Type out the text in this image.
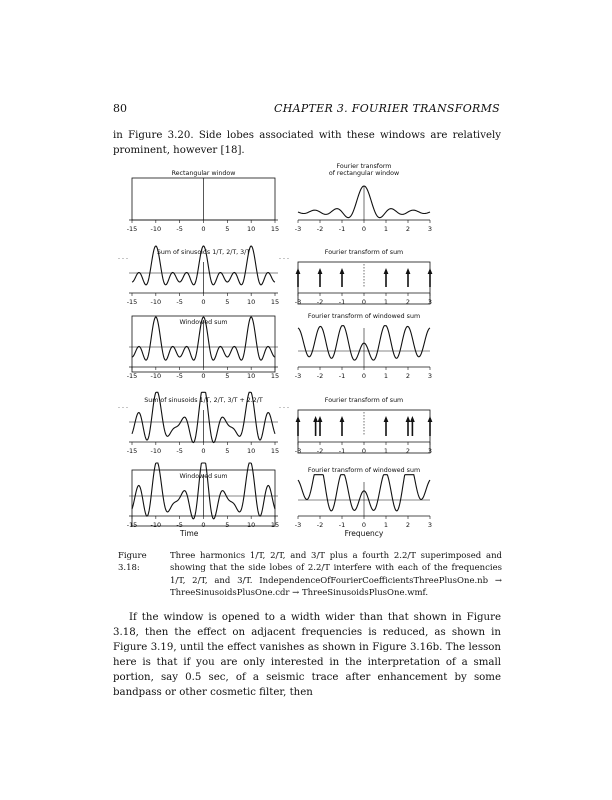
80	CHAPTER 3. FOURIER TRANSFORMS
in Figure 3.20. Side lobes associated with these windows are relatively prominent, however [18].
Rectangular window
-15 -10 -5	0	5	10 15
Fourier transform
of rectangular window
-3 -2 -1	0	1	2	3
Sum of sinusoids 1/T, 2/T, 3/T
. . .	. . .
-15 -10 -5	0	5	10 15
Fourier transform of sum
-3 -2 -1	0	1	2	3
Windowed sum
-15 -10 -5	0	5	10 15
Fourier transform of windowed sum
-3 -2 -1	0	1	2	3
Sum of sinusoids 1/T, 2/T, 3/T + 2.2/T
. . .	. . .
-15 -10 -5	0	5	10 15
Fourier transform of sum
-3 -2 -1	0	1	2	3
Windowed sum
-15 -10 -5	0	5	10 15
Fourier transform of windowed sum
-3 -2 -1	0	1	2	3
Time	Frequency
Figure 3.18:
Three harmonics 1/T, 2/T, and 3/T plus a fourth 2.2/T superimposed and showing that the side lobes of 2.2/T interfere with each of the frequencies 1/T, 2/T, and 3/T. IndependenceOfFourierCoefficientsThreePlusOne.nb → ThreeSinusoidsPlusOne.cdr → ThreeSinusoidsPlusOne.wmf.

If the window is opened to a width wider than that shown in Figure 3.18, then the effect on adjacent frequencies is reduced, as shown in Figure 3.19, until the effect vanishes as shown in Figure 3.16b. The lesson here is that if you are only interested in the interpretation of a small portion, say 0.5 sec, of a seismic trace after enhancement by some bandpass or other cosmetic filter, then
